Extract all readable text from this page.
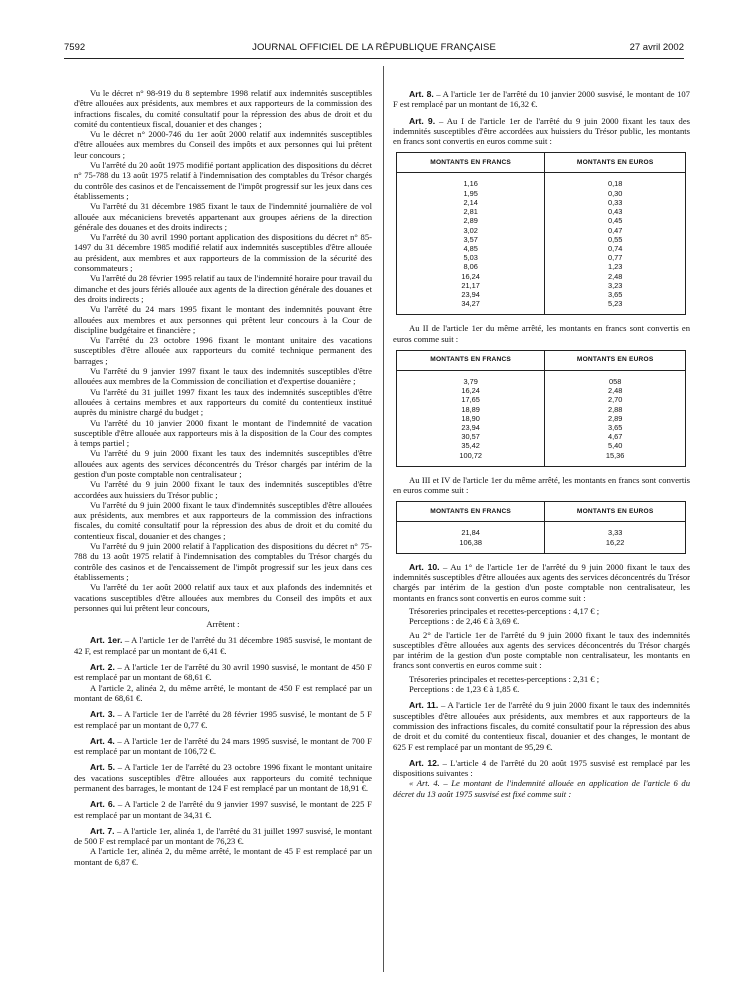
7592	JOURNAL OFFICIEL DE LA RÉPUBLIQUE FRANÇAISE	27 avril 2002

Vu le décret n° 98-919 du 8 septembre 1998 relatif aux indemnités susceptibles d'être allouées aux présidents, aux membres et aux rapporteurs de la commission des infractions fiscales, du comité consultatif pour la répression des abus de droit et du comité du contentieux fiscal, douanier et des changes ;

Vu le décret n° 2000-746 du 1er août 2000 relatif aux indemnités susceptibles d'être allouées aux membres du Conseil des impôts et aux personnes qui lui prêtent leur concours ;

Vu l'arrêté du 20 août 1975 modifié portant application des dispositions du décret n° 75-788 du 13 août 1975 relatif à l'indemnisation des comptables du Trésor chargés du contrôle des casinos et de l'encaissement de l'impôt progressif sur les jeux dans ces établissements ;

Vu l'arrêté du 31 décembre 1985 fixant le taux de l'indemnité journalière de vol allouée aux mécaniciens brevetés appartenant aux groupes aériens de la direction générale des douanes et des droits indirects ;

Vu l'arrêté du 30 avril 1990 portant application des dispositions du décret n° 85-1497 du 31 décembre 1985 modifié relatif aux indemnités susceptibles d'être allouée au président, aux membres et aux rapporteurs de la commission de la sécurité des consommateurs ;

Vu l'arrêté du 28 février 1995 relatif au taux de l'indemnité horaire pour travail du dimanche et des jours fériés allouée aux agents de la direction générale des douanes et des droits indirects ;

Vu l'arrêté du 24 mars 1995 fixant le montant des indemnités pouvant être allouées aux membres et aux personnes qui prêtent leur concours à la Cour de discipline budgétaire et financière ;

Vu l'arrêté du 23 octobre 1996 fixant le montant unitaire des vacations susceptibles d'être allouée aux rapporteurs du comité technique permanent des barrages ;

Vu l'arrêté du 9 janvier 1997 fixant le taux des indemnités susceptibles d'être allouées aux membres de la Commission de conciliation et d'expertise douanière ;

Vu l'arrêté du 31 juillet 1997 fixant les taux des indemnités susceptibles d'être allouées à certains membres et aux rapporteurs du comité du contentieux institué auprès du ministre chargé du budget ;

Vu l'arrêté du 10 janvier 2000 fixant le montant de l'indemnité de vacation susceptible d'être allouée aux rapporteurs mis à la disposition de la Cour des comptes à temps partiel ;

Vu l'arrêté du 9 juin 2000 fixant les taux des indemnités susceptibles d'être allouées aux agents des services déconcentrés du Trésor chargés par intérim de la gestion d'un poste comptable non centralisateur ;

Vu l'arrêté du 9 juin 2000 fixant le taux des indemnités susceptibles d'être accordées aux huissiers du Trésor public ;

Vu l'arrêté du 9 juin 2000 fixant le taux d'indemnités susceptibles d'être allouées aux présidents, aux membres et aux rapporteurs de la commission des infractions fiscales, du comité consultatif pour la répression des abus de droit et du comité du contentieux fiscal, douanier et des changes ;

Vu l'arrêté du 9 juin 2000 relatif à l'application des dispositions du décret n° 75-788 du 13 août 1975 relatif à l'indemnisation des comptables du Trésor chargés du contrôle des casinos et de l'encaissement de l'impôt progressif sur les jeux dans ces établissements ;

Vu l'arrêté du 1er août 2000 relatif aux taux et aux plafonds des indemnités et vacations susceptibles d'être allouées aux membres du Conseil des impôts et aux personnes qui lui prêtent leur concours,

Arrêtent :

Art. 1er. – A l'article 1er de l'arrêté du 31 décembre 1985 susvisé, le montant de 42 F, est remplacé par un montant de 6,41 €.

Art. 2. – A l'article 1er de l'arrêté du 30 avril 1990 susvisé, le montant de 450 F est remplacé par un montant de 68,61 €.

A l'article 2, alinéa 2, du même arrêté, le montant de 450 F est remplacé par un montant de 68,61 €.

Art. 3. – A l'article 1er de l'arrêté du 28 février 1995 susvisé, le montant de 5 F est remplacé par un montant de 0,77 €.

Art. 4. – A l'article 1er de l'arrêté du 24 mars 1995 susvisé, le montant de 700 F est remplacé par un montant de 106,72 €.

Art. 5. – A l'article 1er de l'arrêté du 23 octobre 1996 fixant le montant unitaire des vacations susceptibles d'être allouées aux rapporteurs du comité technique permanent des barrages, le montant de 124 F est remplacé par un montant de 18,91 €.

Art. 6. – A l'article 2 de l'arrêté du 9 janvier 1997 susvisé, le montant de 225 F est remplacé par un montant de 34,31 €.

Art. 7. – A l'article 1er, alinéa 1, de l'arrêté du 31 juillet 1997 susvisé, le montant de 500 F est remplacé par un montant de 76,23 €.

A l'article 1er, alinéa 2, du même arrêté, le montant de 45 F est remplacé par un montant de 6,87 €.

Art. 8. – A l'article 1er de l'arrêté du 10 janvier 2000 susvisé, le montant de 107 F est remplacé par un montant de 16,32 €.

Art. 9. – Au I de l'article 1er de l'arrêté du 9 juin 2000 fixant les taux des indemnités susceptibles d'être accordées aux huissiers du Trésor public, les montants en francs sont convertis en euros comme suit :

MONTANTS EN FRANCS	MONTANTS EN EUROS
1,16	0,18
1,95	0,30
2,14	0,33
2,81	0,43
2,89	0,45
3,02	0,47
3,57	0,55
4,85	0,74
5,03	0,77
8,06	1,23
16,24	2,48
21,17	3,23
23,94	3,65
34,27	5,23

Au II de l'article 1er du même arrêté, les montants en francs sont convertis en euros comme suit :

MONTANTS EN FRANCS	MONTANTS EN EUROS
3,79	058
16,24	2,48
17,65	2,70
18,89	2,88
18,90	2,89
23,94	3,65
30,57	4,67
35,42	5,40
100,72	15,36

Au III et IV de l'article 1er du même arrêté, les montants en francs sont convertis en euros comme suit :

MONTANTS EN FRANCS	MONTANTS EN EUROS
21,84	3,33
106,38	16,22

Art. 10. – Au 1° de l'article 1er de l'arrêté du 9 juin 2000 fixant le taux des indemnités susceptibles d'être allouées aux agents des services déconcentrés du Trésor chargés par intérim de la gestion d'un poste comptable non centralisateur, les montants en francs sont convertis en euros comme suit :

Trésoreries principales et recettes-perceptions : 4,17 € ;

Perceptions : de 2,46 € à 3,69 €.

Au 2° de l'article 1er de l'arrêté du 9 juin 2000 fixant le taux des indemnités susceptibles d'être allouées aux agents des services déconcentrés du Trésor chargés par intérim de la gestion d'un poste comptable non centralisateur, les montants en francs sont convertis en euros comme suit :

Trésoreries principales et recettes-perceptions : 2,31 € ;

Perceptions : de 1,23 € à 1,85 €.

Art. 11. – A l'article 1er de l'arrêté du 9 juin 2000 fixant le taux des indemnités susceptibles d'être allouées aux présidents, aux membres et aux rapporteurs de la commission des infractions fiscales, du comité consultatif pour la répression des abus de droit et du comité du contentieux fiscal, douanier et des changes, le montant de 625 F est remplacé par un montant de 95,29 €.

Art. 12. – L'article 4 de l'arrêté du 20 août 1975 susvisé est remplacé par les dispositions suivantes :

« Art. 4. – Le montant de l'indemnité allouée en application de l'article 6 du décret du 13 août 1975 susvisé est fixé comme suit :
